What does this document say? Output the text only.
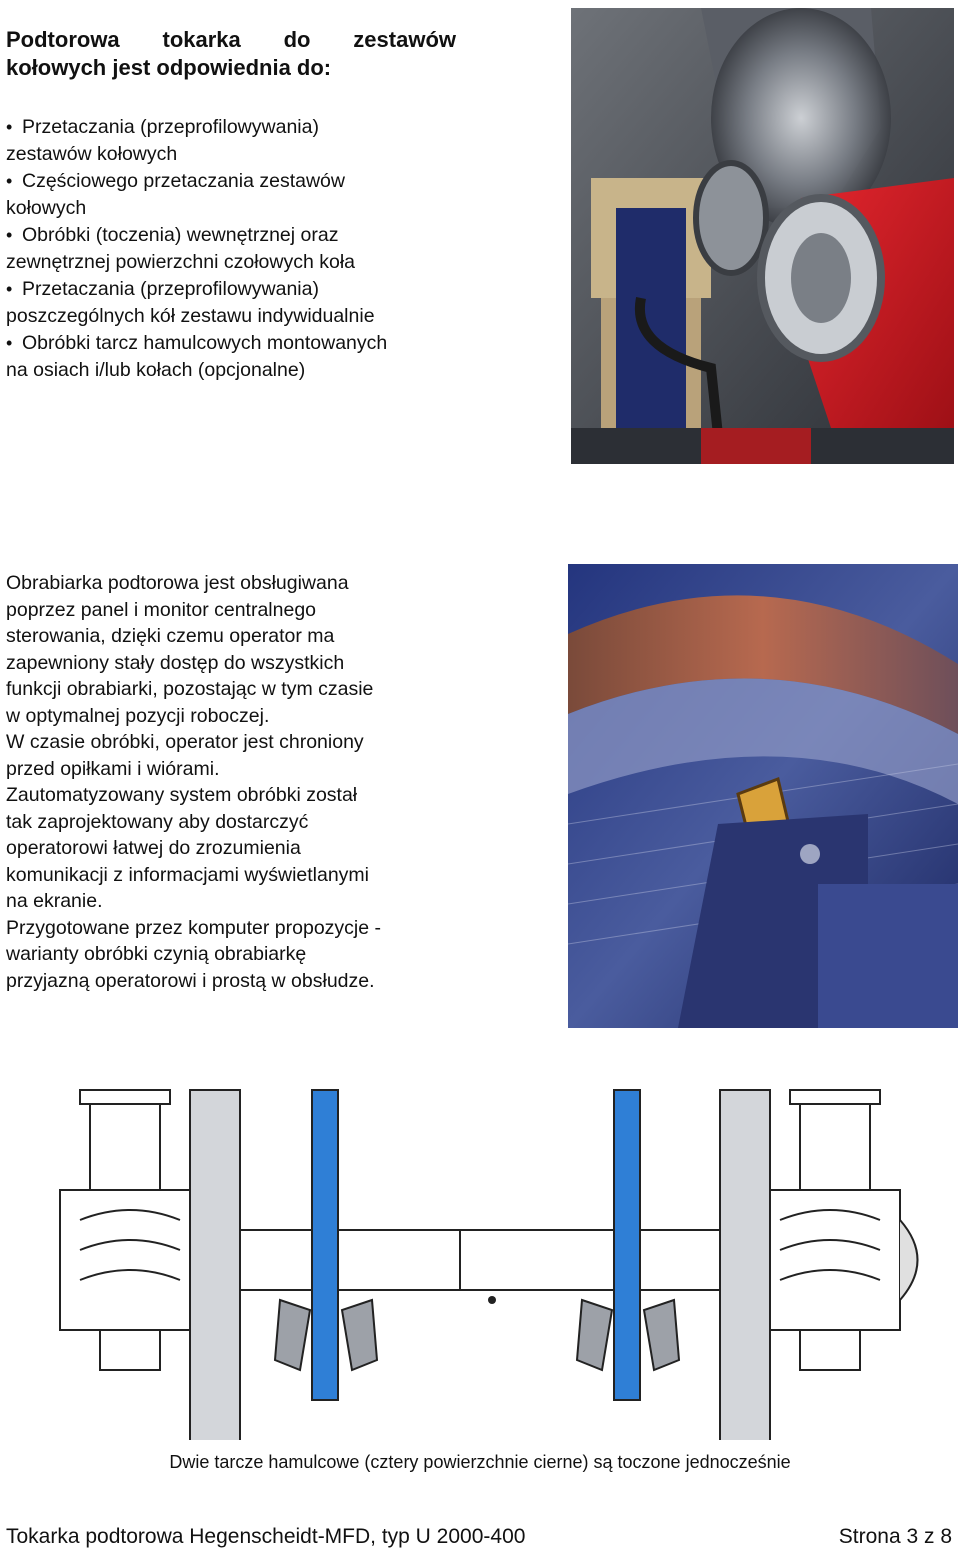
Podtorowa tokarka do zestawów
kołowych jest odpowiednia do:
• Przetaczania (przeprofilowywania)
zestawów kołowych
• Częściowego przetaczania zestawów
kołowych
• Obróbki (toczenia) wewnętrznej oraz
zewnętrznej powierzchni czołowych koła
• Przetaczania (przeprofilowywania)
poszczególnych kół zestawu indywidualnie
• Obróbki tarcz hamulcowych montowanych
na osiach i/lub kołach (opcjonalne)
Obrabiarka podtorowa jest obsługiwana
poprzez panel i monitor centralnego
sterowania, dzięki czemu operator ma
zapewniony stały dostęp do wszystkich
funkcji obrabiarki, pozostając w tym czasie
w optymalnej pozycji roboczej.
W czasie obróbki, operator jest chroniony
przed opiłkami i wiórami.
Zautomatyzowany system obróbki został
tak zaprojektowany aby dostarczyć
operatorowi łatwej do zrozumienia
komunikacji z informacjami wyświetlanymi
na ekranie.
Przygotowane przez komputer propozycje -
warianty obróbki czynią obrabiarkę
przyjazną operatorowi i prostą w obsłudze.
Dwie tarcze hamulcowe (cztery powierzchnie cierne) są toczone jednocześnie
Tokarka podtorowa Hegenscheidt-MFD, typ U 2000-400	Strona 3 z 8
